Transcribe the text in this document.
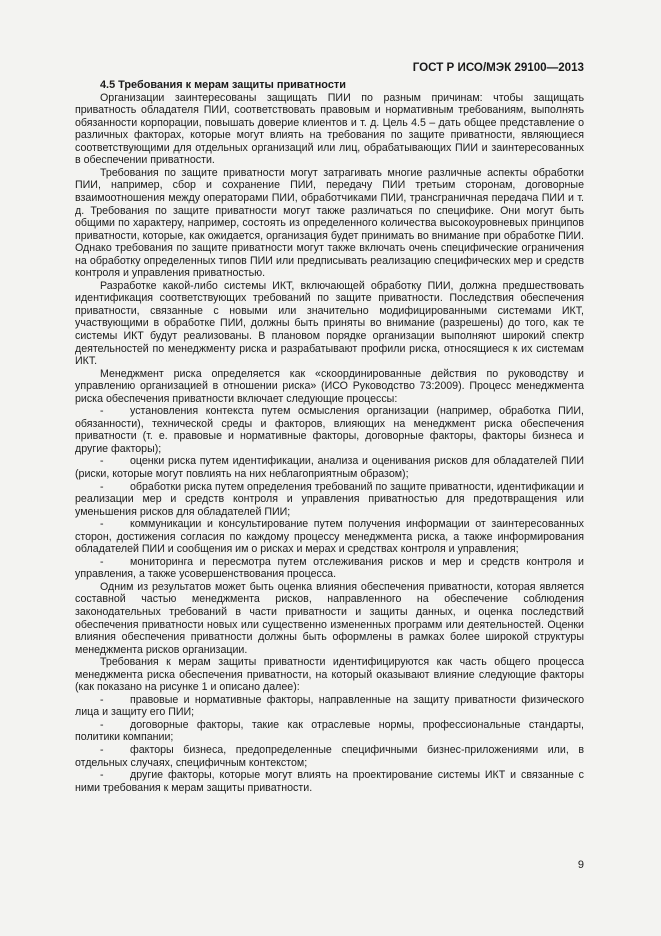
ГОСТ Р ИСО/МЭК 29100—2013
4.5 Требования к мерам защиты приватности

Организации заинтересованы защищать ПИИ по разным причинам: чтобы защищать приватность обладателя ПИИ, соответствовать правовым и нормативным требованиям, выполнять обязанности корпорации, повышать доверие клиентов и т. д. Цель 4.5 – дать общее представление о различных факторах, которые могут влиять на требования по защите приватности, являющиеся соответствующими для отдельных организаций или лиц, обрабатывающих ПИИ и заинтересованных в обеспечении приватности.

Требования по защите приватности могут затрагивать многие различные аспекты обработки ПИИ, например, сбор и сохранение ПИИ, передачу ПИИ третьим сторонам, договорные взаимоотношения между операторами ПИИ, обработчиками ПИИ, трансграничная передача ПИИ и т. д. Требования по защите приватности могут также различаться по специфике. Они могут быть общими по характеру, например, состоять из определенного количества высокоуровневых принципов приватности, которые, как ожидается, организация будет принимать во внимание при обработке ПИИ. Однако требования по защите приватности могут также включать очень специфические ограничения на обработку определенных типов ПИИ или предписывать реализацию специфических мер и средств контроля и управления приватностью.

Разработке какой-либо системы ИКТ, включающей обработку ПИИ, должна предшествовать идентификация соответствующих требований по защите приватности. Последствия обеспечения приватности, связанные с новыми или значительно модифицированными системами ИКТ, участвующими в обработке ПИИ, должны быть приняты во внимание (разрешены) до того, как те системы ИКТ будут реализованы. В плановом порядке организации выполняют широкий спектр деятельностей по менеджменту риска и разрабатывают профили риска, относящиеся к их системам ИКТ.

Менеджмент риска определяется как «скоординированные действия по руководству и управлению организацией в отношении риска» (ИСО Руководство 73:2009). Процесс менеджмента риска обеспечения приватности включает следующие процессы:

- установления контекста путем осмысления организации (например, обработка ПИИ, обязанности), технической среды и факторов, влияющих на менеджмент риска обеспечения приватности (т. е. правовые и нормативные факторы, договорные факторы, факторы бизнеса и другие факторы);

- оценки риска путем идентификации, анализа и оценивания рисков для обладателей ПИИ (риски, которые могут повлиять на них неблагоприятным образом);

- обработки риска путем определения требований по защите приватности, идентификации и реализации мер и средств контроля и управления приватностью для предотвращения или уменьшения рисков для обладателей ПИИ;

- коммуникации и консультирование путем получения информации от заинтересованных сторон, достижения согласия по каждому процессу менеджмента риска, а также информирования обладателей ПИИ и сообщения им о рисках и мерах и средствах контроля и управления;

- мониторинга и пересмотра путем отслеживания рисков и мер и средств контроля и управления, а также усовершенствования процесса.

Одним из результатов может быть оценка влияния обеспечения приватности, которая является составной частью менеджмента рисков, направленного на обеспечение соблюдения законодательных требований в части приватности и защиты данных, и оценка последствий обеспечения приватности новых или существенно измененных программ или деятельностей. Оценки влияния обеспечения приватности должны быть оформлены в рамках более широкой структуры менеджмента рисков организации.

Требования к мерам защиты приватности идентифицируются как часть общего процесса менеджмента риска обеспечения приватности, на который оказывают влияние следующие факторы (как показано на рисунке 1 и описано далее):

- правовые и нормативные факторы, направленные на защиту приватности физического лица и защиту его ПИИ;

- договорные факторы, такие как отраслевые нормы, профессиональные стандарты, политики компании;

- факторы бизнеса, предопределенные специфичными бизнес-приложениями или, в отдельных случаях, специфичным контекстом;

- другие факторы, которые могут влиять на проектирование системы ИКТ и связанные с ними требования к мерам защиты приватности.

9
